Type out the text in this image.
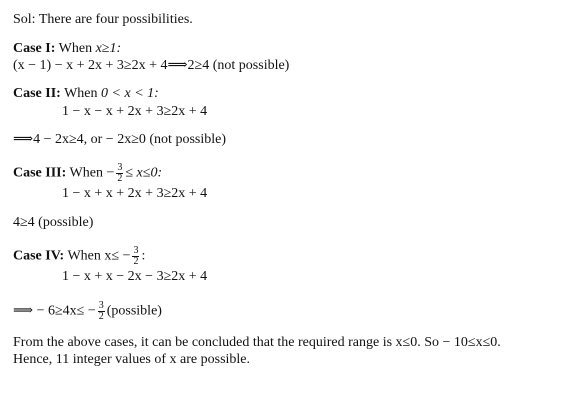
Sol: There are four possibilities.
Case I: When x≥1:
(x − 1) − x + 2x + 3≥2x + 4⟹2≥4 (not possible)
Case II: When 0 < x < 1:
1 − x − x + 2x + 3≥2x + 4
⟹4 − 2x≥4, or − 2x≥0 (not possible)
Case III: When − $\frac{3}{2} \le x\le 0$:
1 − x + x + 2x + 3≥2x + 4
4≥4 (possible)
Case IV: When $x\le - \frac{3}{2}$ :
1 − x + x − 2x − 3≥2x + 4
⟹ − $6\ge 4x\le - \frac{3}{2}$ (possible)
From the above cases, it can be concluded that the required range is x≤0. So − 10≤x≤0.
Hence, 11 integer values of x are possible.
